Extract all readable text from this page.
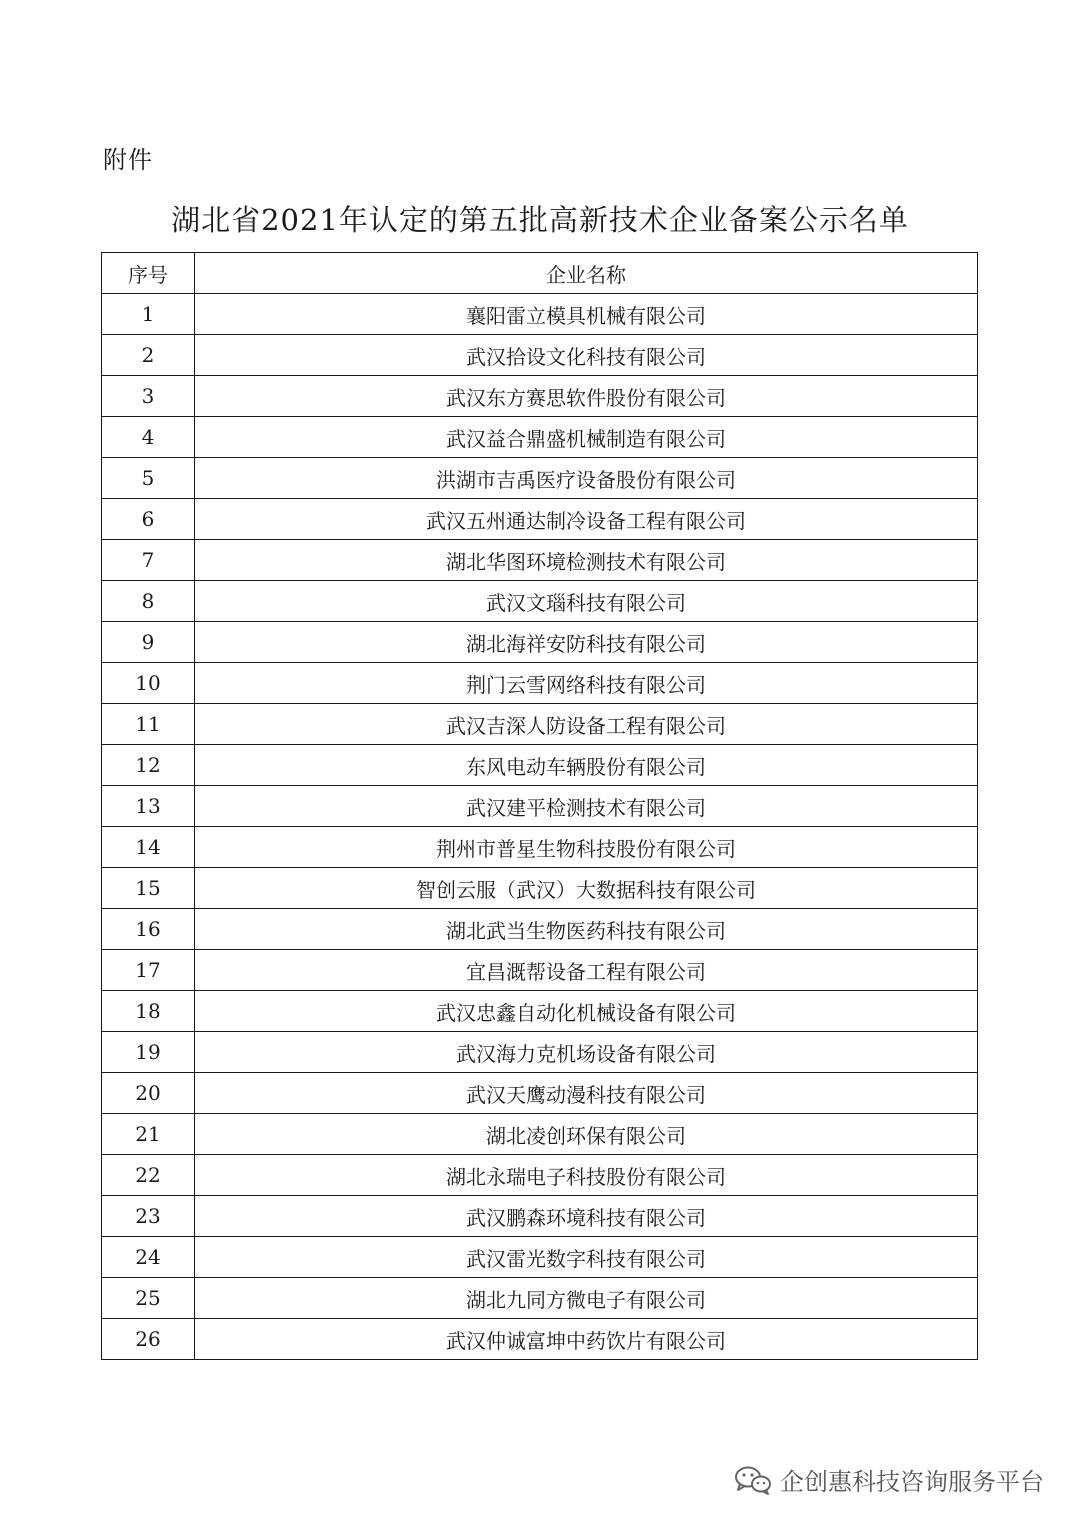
附件
湖北省2021年认定的第五批高新技术企业备案公示名单
序号	企业名称
1	襄阳雷立模具机械有限公司
2	武汉拾设文化科技有限公司
3	武汉东方赛思软件股份有限公司
4	武汉益合鼎盛机械制造有限公司
5	洪湖市吉禹医疗设备股份有限公司
6	武汉五州通达制冷设备工程有限公司
7	湖北华图环境检测技术有限公司
8	武汉文瑙科技有限公司
9	湖北海祥安防科技有限公司
10	荆门云雪网络科技有限公司
11	武汉吉深人防设备工程有限公司
12	东风电动车辆股份有限公司
13	武汉建平检测技术有限公司
14	荆州市普星生物科技股份有限公司
15	智创云服（武汉）大数据科技有限公司
16	湖北武当生物医药科技有限公司
17	宜昌溉帮设备工程有限公司
18	武汉忠鑫自动化机械设备有限公司
19	武汉海力克机场设备有限公司
20	武汉天鹰动漫科技有限公司
21	湖北凌创环保有限公司
22	湖北永瑞电子科技股份有限公司
23	武汉鹏森环境科技有限公司
24	武汉雷光数字科技有限公司
25	湖北九同方微电子有限公司
26	武汉仲诚富坤中药饮片有限公司
企创惠科技咨询服务平台
